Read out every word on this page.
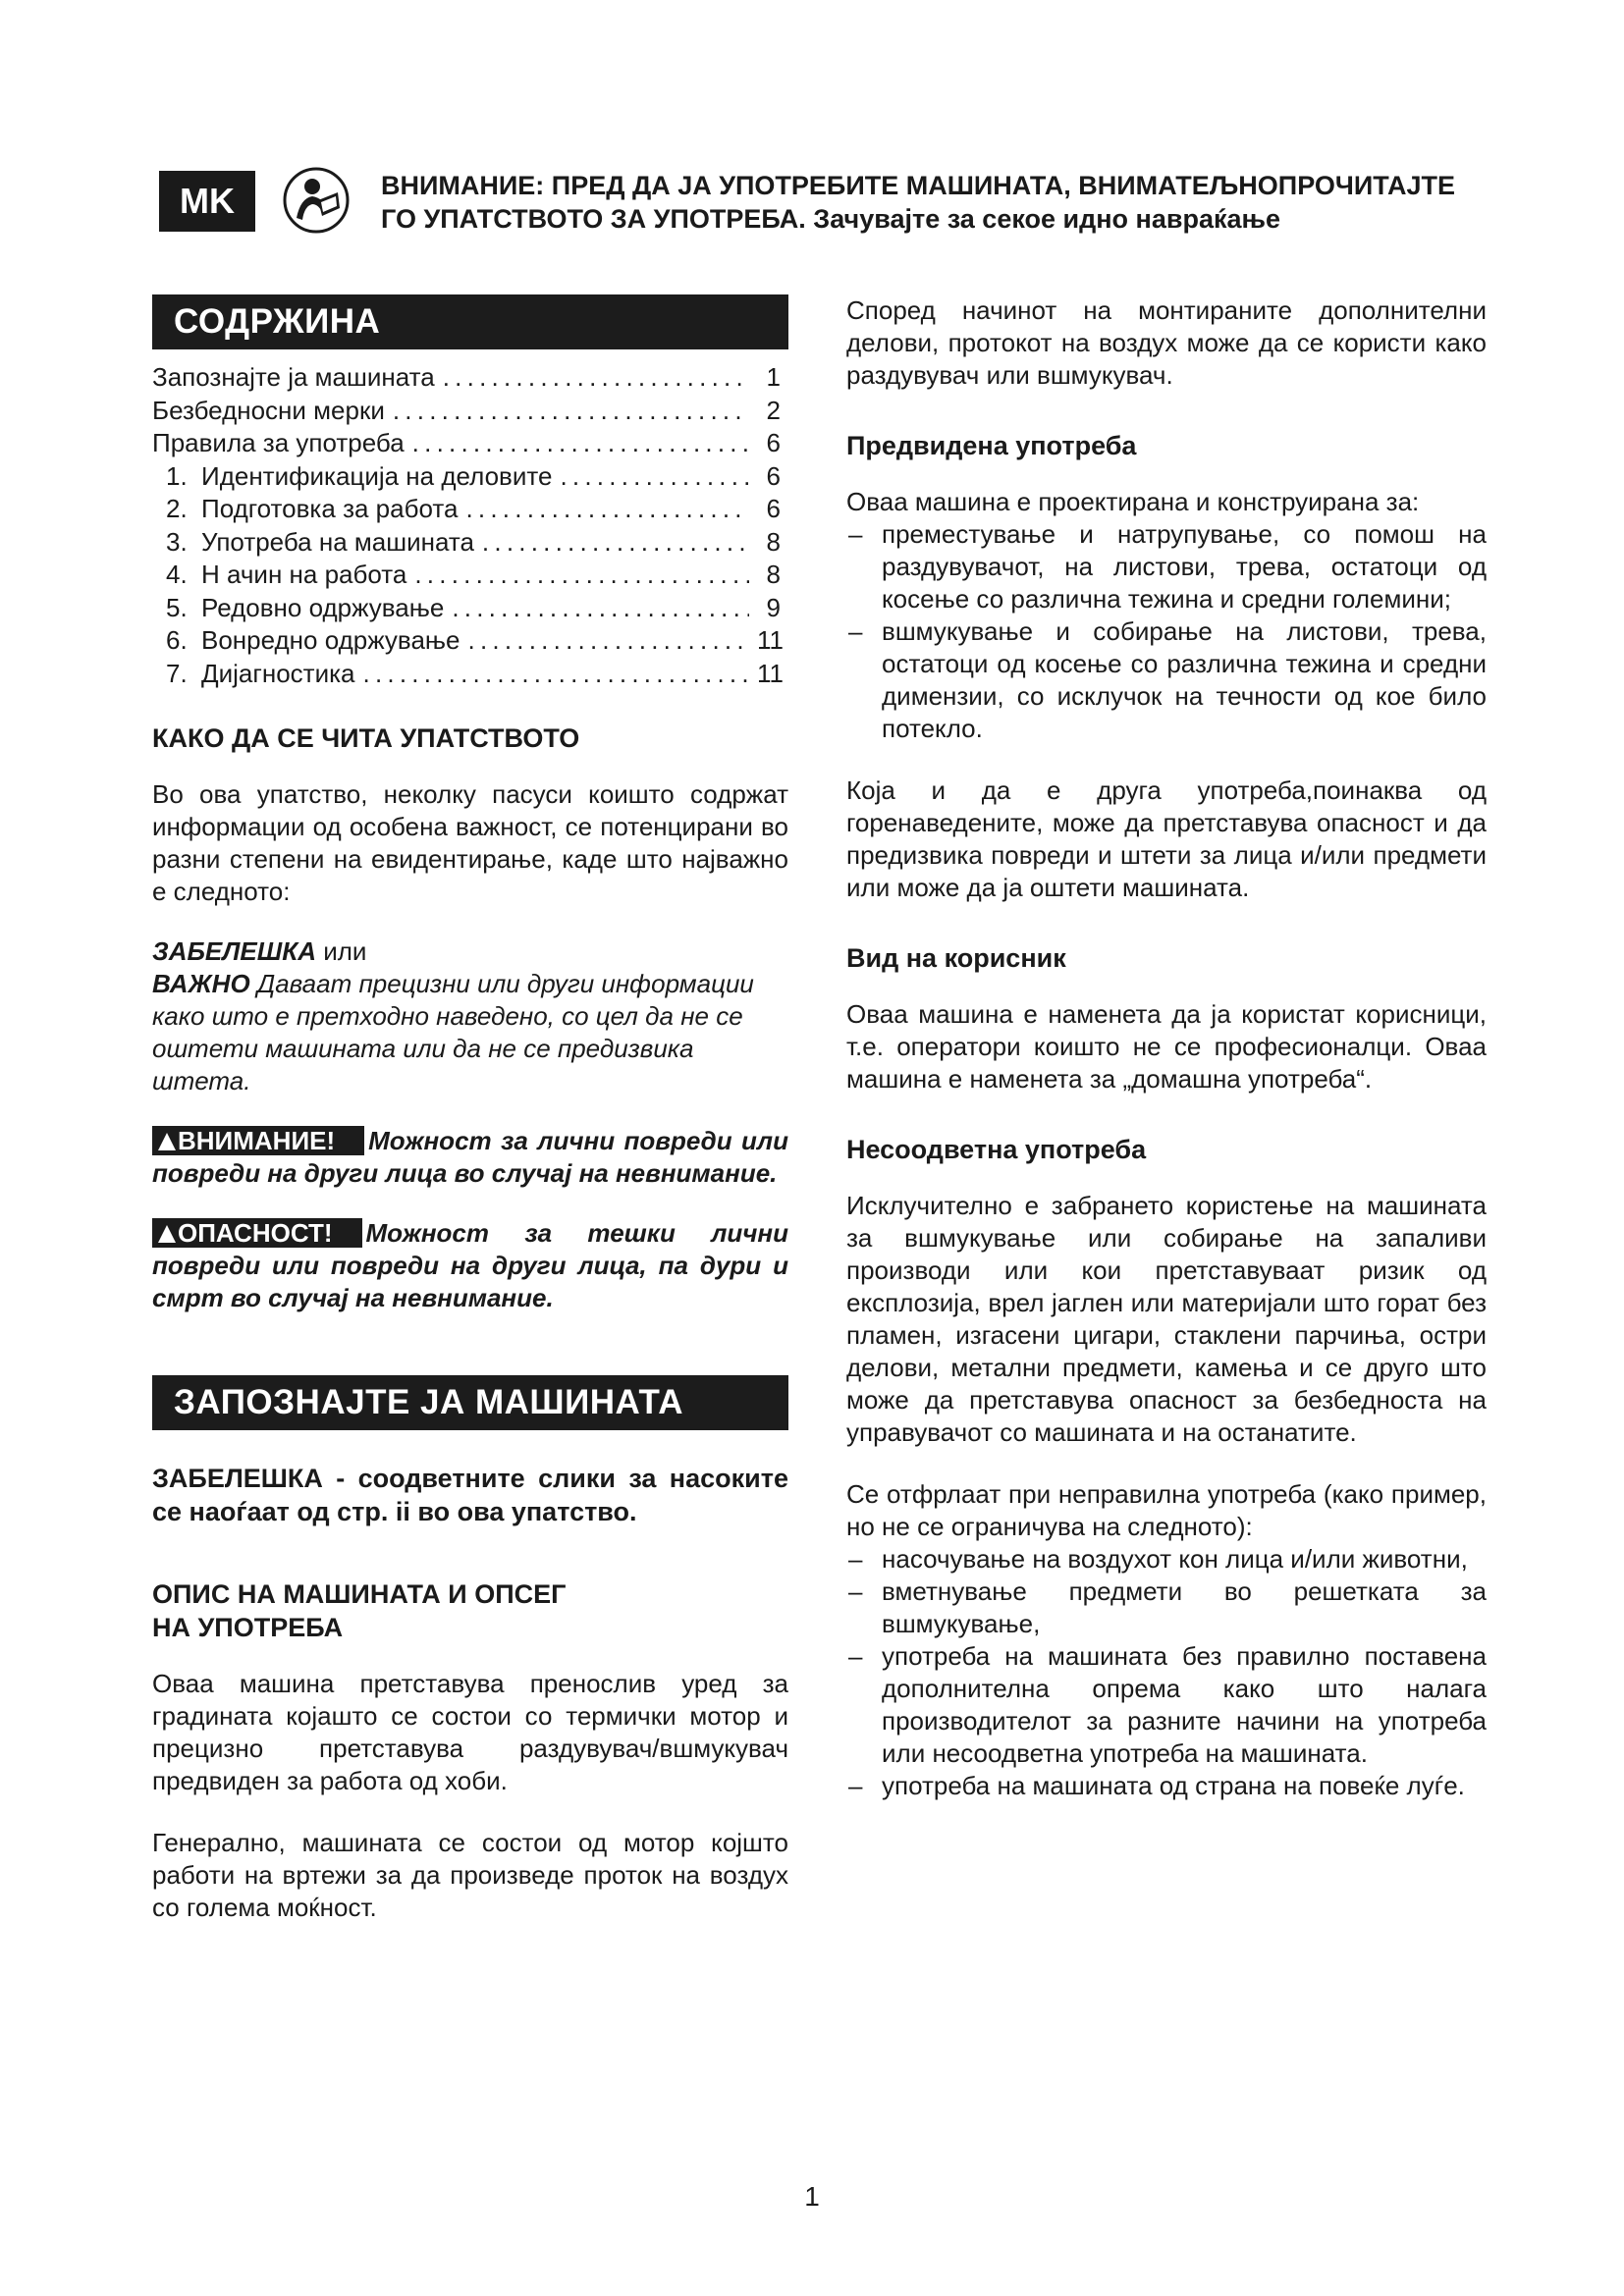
MK	ВНИМАНИЕ: ПРЕД ДА ЈА УПОТРЕБИТЕ МАШИНАТА, ВНИМАТЕЉНОПРОЧИТАЈТЕ
ГО УПАТСТВОТО ЗА УПОТРЕБА. Зачувајте за секое идно навраќање
СОДРЖИНА
Запознајте ја машината . . .	1
Безбедносни мерки . . .	2
Правила за употреба . . .	6
1. Идентификација на деловите . . .	6
2. Подготовка за работа . . .	6
3. Употреба на машината . . .	8
4. Н ачин на работа . . .	8
5. Редовно одржување . . .	9
6. Вонредно одржување . . .	11
7. Дијагностика . . .	11
КАКО ДА СЕ ЧИТА УПАТСТВОТО

Во ова упатство, неколку пасуси коишто содржат информации од особена важност, се потенцирани во разни степени на евидентирање, каде што најважно е следното:

ЗАБЕЛЕШКА или
ВАЖНО Даваат прецизни или други информации како што е претходно наведено, со цел да не се оштети машината или да не се предизвика штета.

ВНИМАНИЕ! Можност за лични повреди или повреди на други лица во случај на невнимание.

ОПАСНОСТ! Можност за тешки лични повреди или повреди на други лица, па дури и смрт во случај на невнимание.

ЗАПОЗНАЈТЕ ЈА МАШИНАТА

ЗАБЕЛЕШКА - соодветните слики за насоките се наоѓаат од стр. ii во ова упатство.

ОПИС НА МАШИНАТА И ОПСЕГ
НА УПОТРЕБА

Оваа машина претставува пренослив уред за градината којашто се состои со термички мотор и прецизно претставува раздувувач/вшмукувач предвиден за работа од хоби.

Генерално, машината се состои од мотор којшто работи на вртежи за да произведе проток на воздух со голема моќност.

Според начинот на монтираните дополнителни делови, протокот на воздух може да се користи како раздувувач или вшмукувач.

Предвидена употреба

Оваа машина е проектирана и конструирана за:

– преместување и натрупување, со помош на раздувувачот, на листови, трева, остатоци од косење со различна тежина и средни големини;
– вшмукување и собирање на листови, трева, остатоци од косење со различна тежина и средни димензии, со исклучок на течности од кое било потекло.

Која и да е друга употреба,поинаква од горенаведените, може да претставува опасност и да предизвика повреди и штети за лица и/или предмети или може да ја оштети машината.

Вид на корисник

Оваа машина е наменета да ја користат корисници, т.е. оператори коишто не се професионалци. Оваа машина е наменета за „домашна употреба“.

Несоодветна употреба

Исклучително е забрането користење на машината за вшмукување или собирање на запаливи производи или кои претставуваат ризик од експлозија, врел јаглен или материјали што горат без пламен, изгасени цигари, стаклени парчиња, остри делови, метални предмети, камења и се друго што може да претставува опасност за безбедноста на управувачот со машината и на останатите.

Се отфрлаат при неправилна употреба (како пример, но не се ограничува на следното):

– насочување на воздухот кон лица и/или животни,
– вметнување предмети во решетката за вшмукување,
– употреба на машината без правилно поставена дополнителна опрема како што налага производителот за разните начини на употреба или несоодветна употреба на машината.
– употреба на машината од страна на повеќе луѓе.
1
